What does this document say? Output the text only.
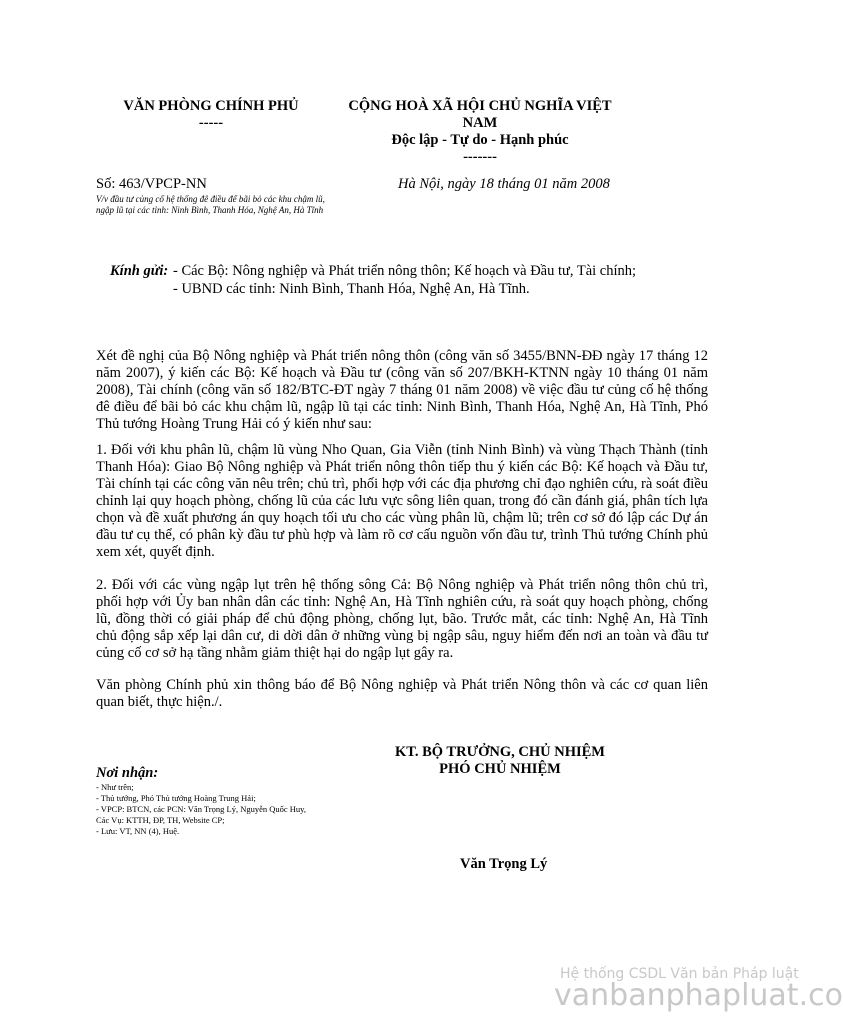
VĂN PHÒNG CHÍNH PHỦ
-----
CỘNG HOÀ XÃ HỘI CHỦ NGHĨA VIỆT
NAM
Độc lập - Tự do - Hạnh phúc
-------
Số: 463/VPCP-NN	Hà Nội, ngày 18 tháng 01 năm 2008
V/v đầu tư củng cố hệ thống đê điều để bãi bỏ các khu chậm lũ, ngập lũ tại các tỉnh: Ninh Bình, Thanh Hóa, Nghệ An, Hà Tĩnh
Kính gửi: - Các Bộ: Nông nghiệp và Phát triển nông thôn; Kế hoạch và Đầu tư, Tài chính;
- UBND các tỉnh: Ninh Bình, Thanh Hóa, Nghệ An, Hà Tĩnh.

Xét đề nghị của Bộ Nông nghiệp và Phát triển nông thôn (công văn số 3455/BNN-ĐĐ ngày 17 tháng 12 năm 2007), ý kiến các Bộ: Kế hoạch và Đầu tư (công văn số 207/BKH-KTNN ngày 10 tháng 01 năm 2008), Tài chính (công văn số 182/BTC-ĐT ngày 7 tháng 01 năm 2008) về việc đầu tư củng cố hệ thống đê điều để bãi bỏ các khu chậm lũ, ngập lũ tại các tỉnh: Ninh Bình, Thanh Hóa, Nghệ An, Hà Tĩnh, Phó Thủ tướng Hoàng Trung Hải có ý kiến như sau:

1. Đối với khu phân lũ, chậm lũ vùng Nho Quan, Gia Viễn (tỉnh Ninh Bình) và vùng Thạch Thành (tỉnh Thanh Hóa): Giao Bộ Nông nghiệp và Phát triển nông thôn tiếp thu ý kiến các Bộ: Kế hoạch và Đầu tư, Tài chính tại các công văn nêu trên; chủ trì, phối hợp với các địa phương chỉ đạo nghiên cứu, rà soát điều chỉnh lại quy hoạch phòng, chống lũ của các lưu vực sông liên quan, trong đó cần đánh giá, phân tích lựa chọn và đề xuất phương án quy hoạch tối ưu cho các vùng phân lũ, chậm lũ; trên cơ sở đó lập các Dự án đầu tư cụ thể, có phân kỳ đầu tư phù hợp và làm rõ cơ cấu nguồn vốn đầu tư, trình Thủ tướng Chính phủ xem xét, quyết định.

2. Đối với các vùng ngập lụt trên hệ thống sông Cả: Bộ Nông nghiệp và Phát triển nông thôn chủ trì, phối hợp với Ủy ban nhân dân các tỉnh: Nghệ An, Hà Tĩnh nghiên cứu, rà soát quy hoạch phòng, chống lũ, đồng thời có giải pháp để chủ động phòng, chống lụt, bão. Trước mắt, các tỉnh: Nghệ An, Hà Tĩnh chủ động sắp xếp lại dân cư, di dời dân ở những vùng bị ngập sâu, nguy hiểm đến nơi an toàn và đầu tư củng cố cơ sở hạ tầng nhằm giảm thiệt hại do ngập lụt gây ra.

Văn phòng Chính phủ xin thông báo để Bộ Nông nghiệp và Phát triển Nông thôn và các cơ quan liên quan biết, thực hiện./.

KT. BỘ TRƯỞNG, CHỦ NHIỆM
PHÓ CHỦ NHIỆM
Nơi nhận:
- Như trên;
- Thủ tướng, Phó Thủ tướng Hoàng Trung Hải;
- VPCP: BTCN, các PCN: Văn Trọng Lý, Nguyễn Quốc Huy,
Các Vụ: KTTH, ĐP, TH, Website CP;
- Lưu: VT, NN (4), Huệ.
Văn Trọng Lý
Hệ thống CSDL Văn bản Pháp luật
vanbanphapluat.co
